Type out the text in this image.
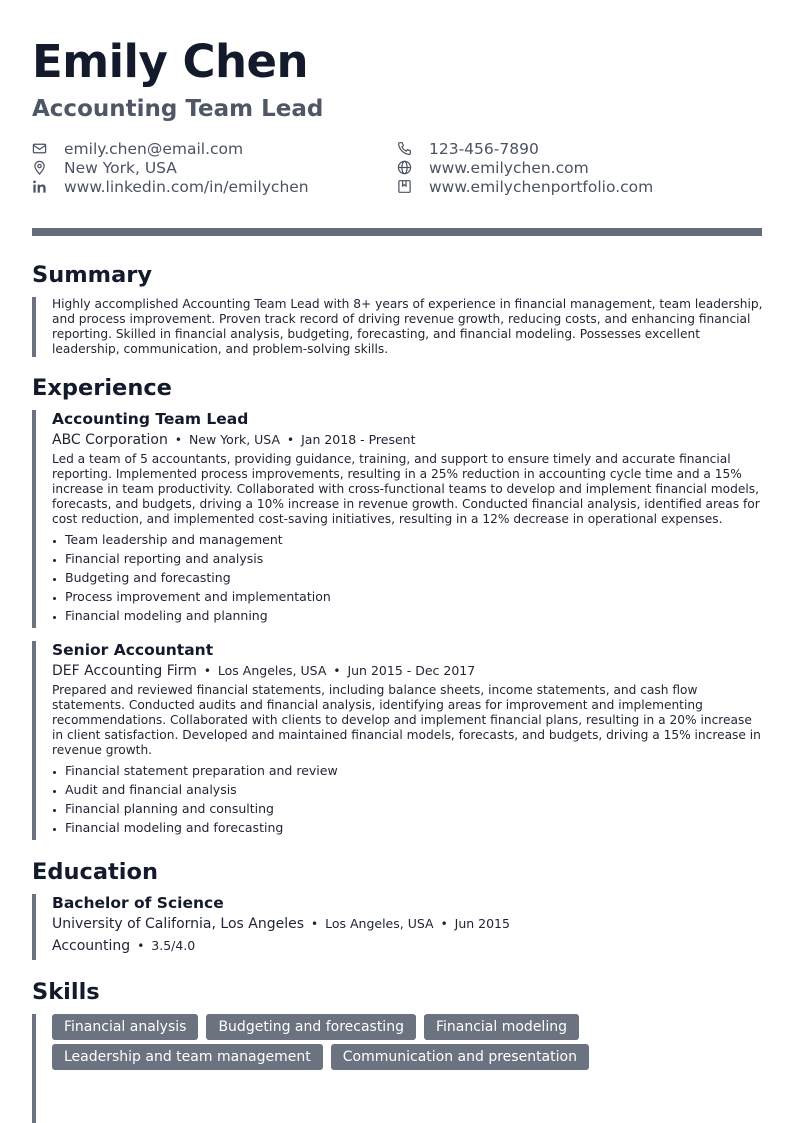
Emily Chen
Accounting Team Lead
emily.chen@email.com
New York, USA
www.linkedin.com/in/emilychen
123-456-7890
www.emilychen.com
www.emilychenportfolio.com
Summary

Highly accomplished Accounting Team Lead with 8+ years of experience in financial management, team leadership, and process improvement. Proven track record of driving revenue growth, reducing costs, and enhancing financial reporting. Skilled in financial analysis, budgeting, forecasting, and financial modeling. Possesses excellent leadership, communication, and problem-solving skills.

Experience
Accounting Team Lead
ABC Corporation • New York, USA • Jan 2018 - Present

Led a team of 5 accountants, providing guidance, training, and support to ensure timely and accurate financial reporting. Implemented process improvements, resulting in a 25% reduction in accounting cycle time and a 15% increase in team productivity. Collaborated with cross-functional teams to develop and implement financial models, forecasts, and budgets, driving a 10% increase in revenue growth. Conducted financial analysis, identified areas for cost reduction, and implemented cost-saving initiatives, resulting in a 12% decrease in operational expenses.

Team leadership and management
Financial reporting and analysis
Budgeting and forecasting
Process improvement and implementation
Financial modeling and planning
Senior Accountant
DEF Accounting Firm • Los Angeles, USA • Jun 2015 - Dec 2017

Prepared and reviewed financial statements, including balance sheets, income statements, and cash flow statements. Conducted audits and financial analysis, identifying areas for improvement and implementing recommendations. Collaborated with clients to develop and implement financial plans, resulting in a 20% increase in client satisfaction. Developed and maintained financial models, forecasts, and budgets, driving a 15% increase in revenue growth.

Financial statement preparation and review
Audit and financial analysis
Financial planning and consulting
Financial modeling and forecasting
Education
Bachelor of Science
University of California, Los Angeles • Los Angeles, USA • Jun 2015
Accounting • 3.5/4.0
Skills
Financial analysis	Budgeting and forecasting	Financial modeling
Leadership and team management	Communication and presentation
